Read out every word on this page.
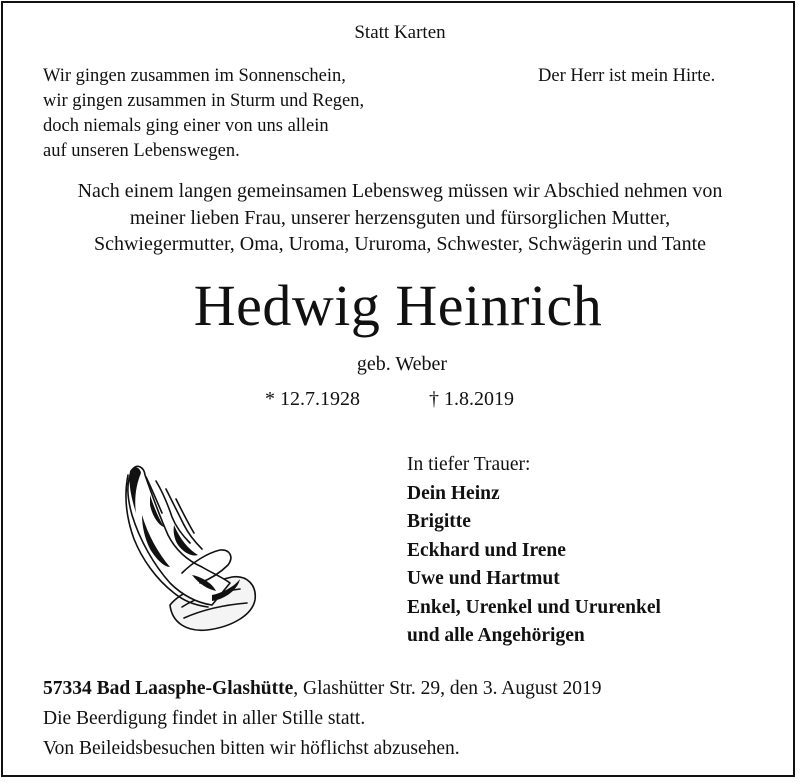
Statt Karten
Wir gingen zusammen im Sonnenschein,
wir gingen zusammen in Sturm und Regen,
doch niemals ging einer von uns allein
auf unseren Lebenswegen.
Der Herr ist mein Hirte.
Nach einem langen gemeinsamen Lebensweg müssen wir Abschied nehmen von
meiner lieben Frau, unserer herzensguten und fürsorglichen Mutter,
Schwiegermutter, Oma, Uroma, Ururoma, Schwester, Schwägerin und Tante
Hedwig Heinrich
geb. Weber
* 12.7.1928	† 1.8.2019
In tiefer Trauer:
Dein Heinz
Brigitte
Eckhard und Irene
Uwe und Hartmut
Enkel, Urenkel und Ururenkel
und alle Angehörigen
57334 Bad Laasphe-Glashütte, Glashütter Str. 29, den 3. August 2019
Die Beerdigung findet in aller Stille statt.
Von Beileidsbesuchen bitten wir höflichst abzusehen.
